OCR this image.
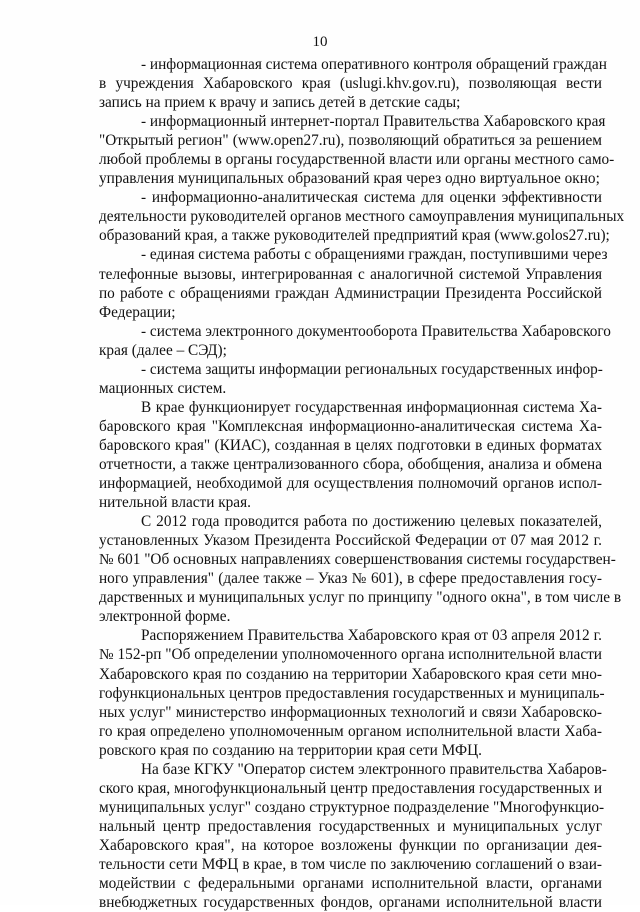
10
- информационная система оперативного контроля обращений граждан
в учреждения Хабаровского края (uslugi.khv.gov.ru), позволяющая вести
запись на прием к врачу и запись детей в детские сады;
- информационный интернет-портал Правительства Хабаровского края
"Открытый регион" (www.open27.ru), позволяющий обратиться за решением
любой проблемы в органы государственной власти или органы местного само-
управления муниципальных образований края через одно виртуальное окно;
- информационно-аналитическая система для оценки эффективности
деятельности руководителей органов местного самоуправления муниципальных
образований края, а также руководителей предприятий края (www.golos27.ru);
- единая система работы с обращениями граждан, поступившими через
телефонные вызовы, интегрированная с аналогичной системой Управления
по работе с обращениями граждан Администрации Президента Российской
Федерации;
- система электронного документооборота Правительства Хабаровского
края (далее – СЭД);
- система защиты информации региональных государственных инфор-
мационных систем.
В крае функционирует государственная информационная система Ха-
баровского края "Комплексная информационно-аналитическая система Ха-
баровского края" (КИАС), созданная в целях подготовки в единых форматах
отчетности, а также централизованного сбора, обобщения, анализа и обмена
информацией, необходимой для осуществления полномочий органов испол-
нительной власти края.
С 2012 года проводится работа по достижению целевых показателей,
установленных Указом Президента Российской Федерации от 07 мая 2012 г.
№ 601 "Об основных направлениях совершенствования системы государствен-
ного управления" (далее также – Указ № 601), в сфере предоставления госу-
дарственных и муниципальных услуг по принципу "одного окна", в том числе в
электронной форме.
Распоряжением Правительства Хабаровского края от 03 апреля 2012 г.
№ 152-рп "Об определении уполномоченного органа исполнительной власти
Хабаровского края по созданию на территории Хабаровского края сети мно-
гофункциональных центров предоставления государственных и муниципаль-
ных услуг" министерство информационных технологий и связи Хабаровско-
го края определено уполномоченным органом исполнительной власти Хаба-
ровского края по созданию на территории края сети МФЦ.
На базе КГКУ "Оператор систем электронного правительства Хабаров-
ского края, многофункциональный центр предоставления государственных и
муниципальных услуг" создано структурное подразделение "Многофункцио-
нальный центр предоставления государственных и муниципальных услуг
Хабаровского края", на которое возложены функции по организации дея-
тельности сети МФЦ в крае, в том числе по заключению соглашений о взаи-
модействии с федеральными органами исполнительной власти, органами
внебюджетных государственных фондов, органами исполнительной власти
